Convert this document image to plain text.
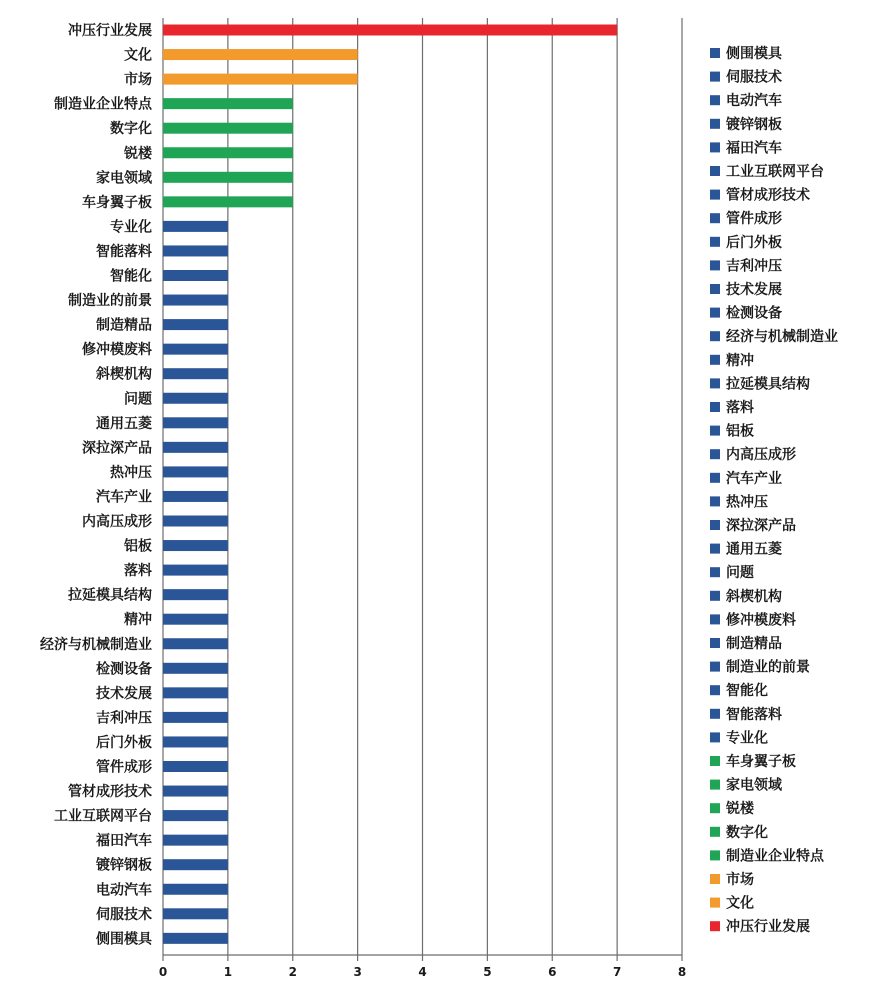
冲压行业发展
文化
市场
制造业企业特点
数字化
锐楼
家电领域
车身翼子板
专业化
智能落料
智能化
制造业的前景
制造精品
修冲模废料
斜楔机构
问题
通用五菱
深拉深产品
热冲压
汽车产业
内高压成形
铝板
落料
拉延模具结构
精冲
经济与机械制造业
检测设备
技术发展
吉利冲压
后门外板
管件成形
管材成形技术
工业互联网平台
福田汽车
镀锌钢板
电动汽车
伺服技术
侧围模具
0	1	2	3	4	5	6	7	8
侧围模具
伺服技术
电动汽车
镀锌钢板
福田汽车
工业互联网平台
管材成形技术
管件成形
后门外板
吉利冲压
技术发展
检测设备
经济与机械制造业
精冲
拉延模具结构
落料
铝板
内高压成形
汽车产业
热冲压
深拉深产品
通用五菱
问题
斜楔机构
修冲模废料
制造精品
制造业的前景
智能化
智能落料
专业化
车身翼子板
家电领域
锐楼
数字化
制造业企业特点
市场
文化
冲压行业发展
